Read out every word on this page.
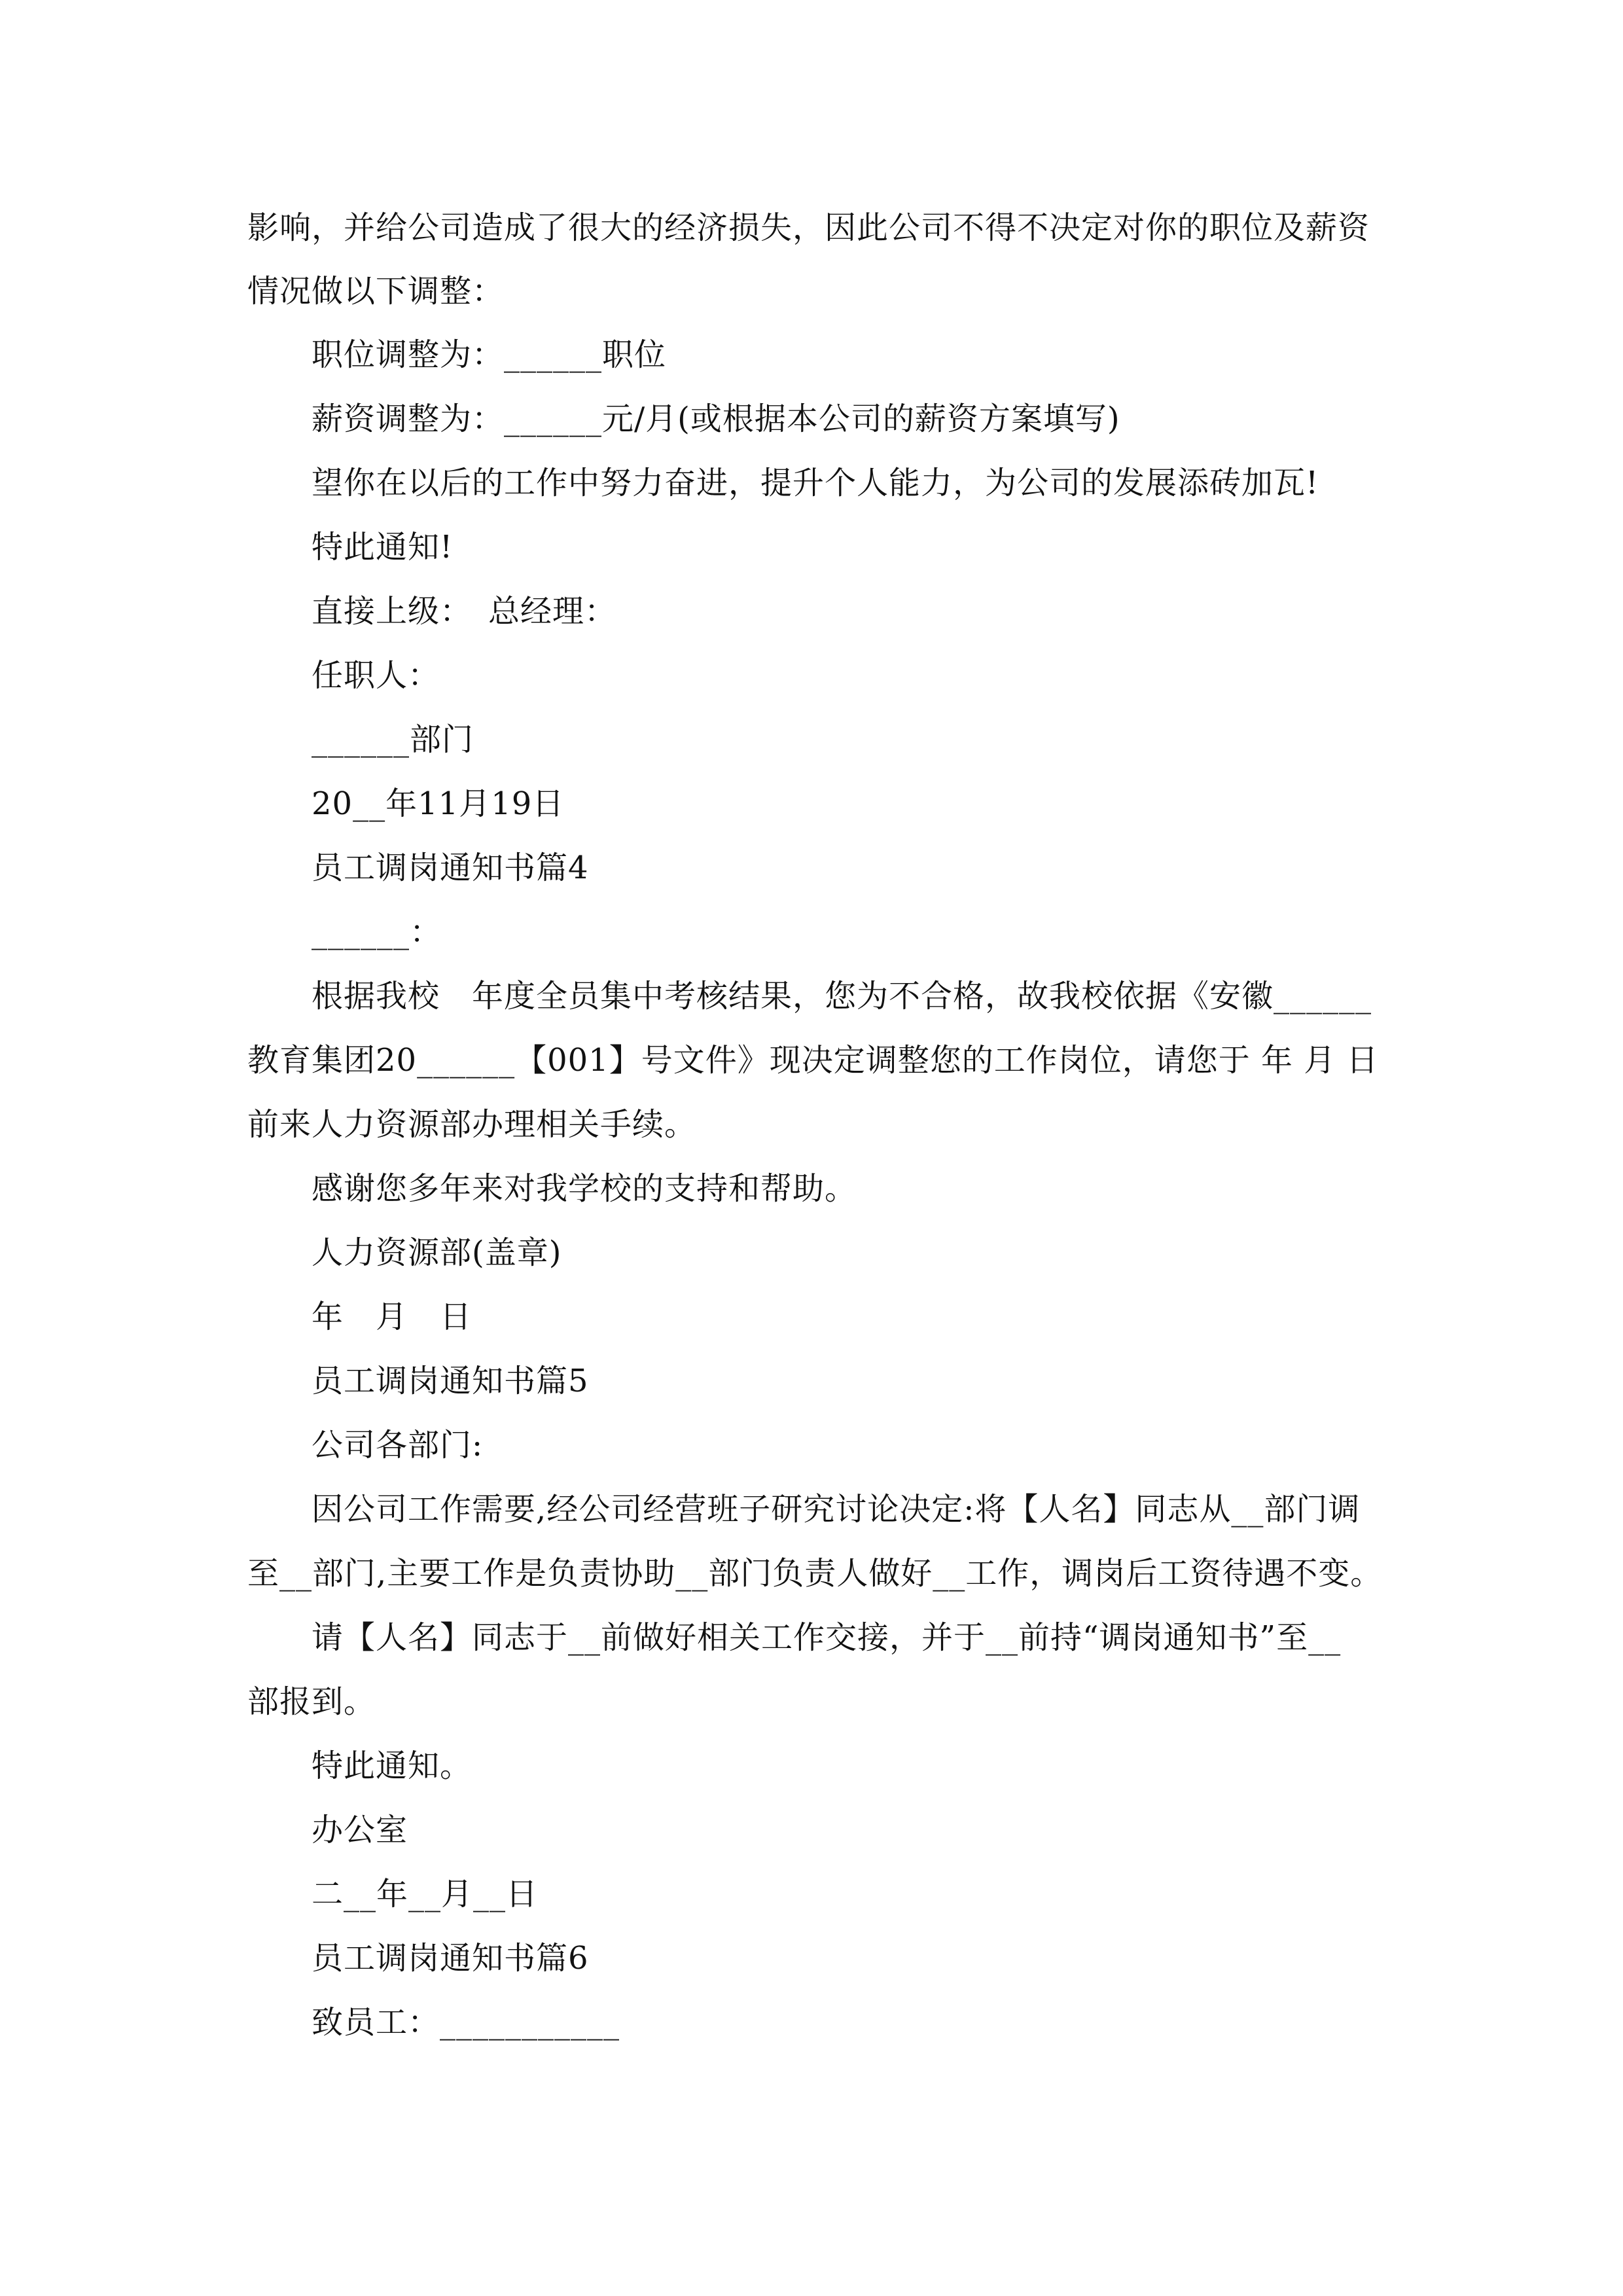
影响，并给公司造成了很大的经济损失，因此公司不得不决定对你的职位及薪资
情况做以下调整：
职位调整为：______职位
薪资调整为：______元/月(或根据本公司的薪资方案填写)
望你在以后的工作中努力奋进，提升个人能力，为公司的发展添砖加瓦!
特此通知!
直接上级：　总经理：
任职人：
______部门
20__年11月19日
员工调岗通知书篇4
______：
根据我校　年度全员集中考核结果，您为不合格，故我校依据《安徽______
教育集团20______【001】号文件》现决定调整您的工作岗位，请您于 年 月 日
前来人力资源部办理相关手续。
感谢您多年来对我学校的支持和帮助。
人力资源部(盖章)
年　月　日
员工调岗通知书篇5
公司各部门:
因公司工作需要,经公司经营班子研究讨论决定:将【人名】同志从__部门调
至__部门,主要工作是负责协助__部门负责人做好__工作，调岗后工资待遇不变。
请【人名】同志于__前做好相关工作交接，并于__前持“调岗通知书”至__
部报到。
特此通知。
办公室
二__年__月__日
员工调岗通知书篇6
致员工：___________
